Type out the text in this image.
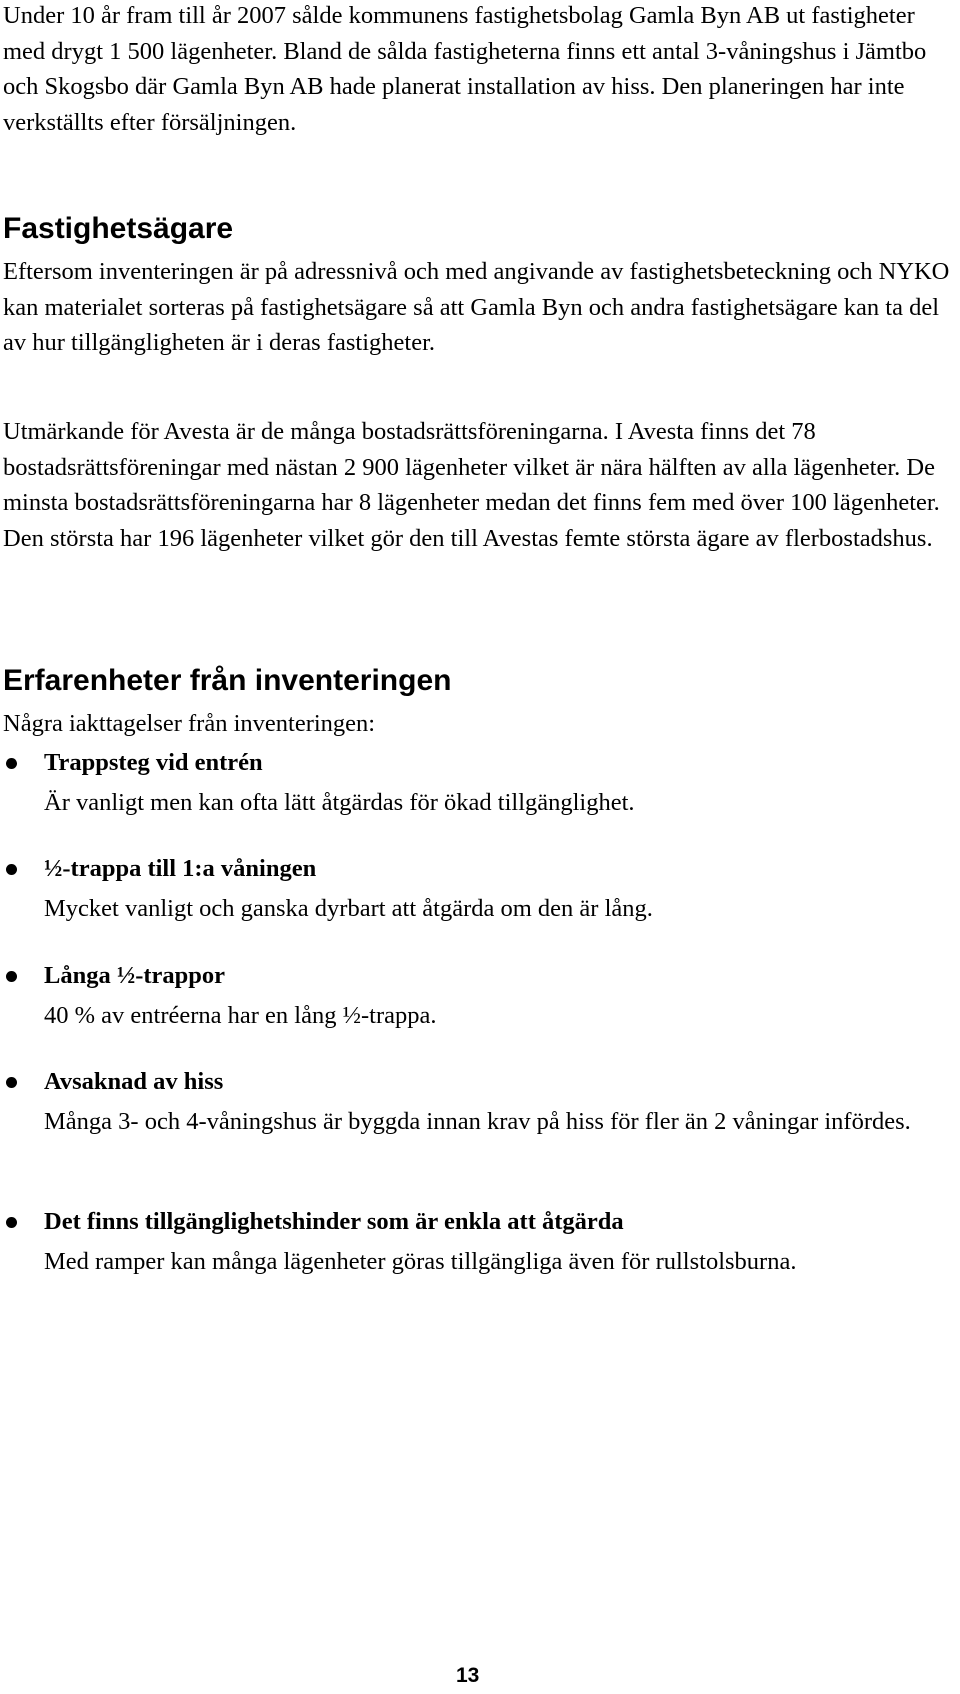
Under 10 år fram till år 2007 sålde kommunens fastighetsbolag Gamla Byn AB ut fastigheter med drygt 1 500 lägenheter. Bland de sålda fastigheterna finns ett antal 3-våningshus i Jämtbo och Skogsbo där Gamla Byn AB hade planerat installation av hiss. Den planeringen har inte verkställts efter försäljningen.

Fastighetsägare

Eftersom inventeringen är på adressnivå och med angivande av fastighetsbeteckning och NYKO kan materialet sorteras på fastighetsägare så att Gamla Byn och andra fastighetsägare kan ta del av hur tillgängligheten är i deras fastigheter.

Utmärkande för Avesta är de många bostadsrättsföreningarna. I Avesta finns det 78 bostadsrättsföreningar med nästan 2 900 lägenheter vilket är nära hälften av alla lägenheter. De minsta bostadsrättsföreningarna har 8 lägenheter medan det finns fem med över 100 lägenheter. Den största har 196 lägenheter vilket gör den till Avestas femte största ägare av flerbostadshus.

Erfarenheter från inventeringen

Några iakttagelser från inventeringen:

Trappsteg vid entrén
Är vanligt men kan ofta lätt åtgärdas för ökad tillgänglighet.
½-trappa till 1:a våningen
Mycket vanligt och ganska dyrbart att åtgärda om den är lång.
Långa ½-trappor
40 % av entréerna har en lång ½-trappa.
Avsaknad av hiss
Många 3- och 4-våningshus är byggda innan krav på hiss för fler än 2 våningar infördes.
Det finns tillgänglighetshinder som är enkla att åtgärda
Med ramper kan många lägenheter göras tillgängliga även för rullstolsburna.
13
